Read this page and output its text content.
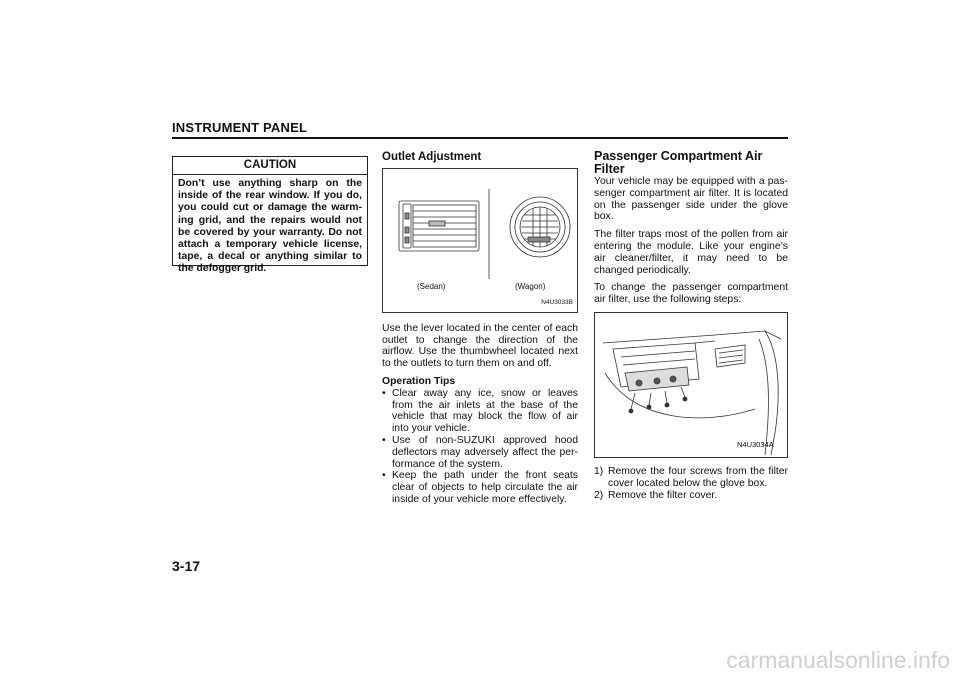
INSTRUMENT PANEL
CAUTION
Don’t use anything sharp on the inside of the rear window. If you do, you could cut or damage the warm-ing grid, and the repairs would not be covered by your warranty. Do not attach a temporary vehicle license, tape, a decal or anything similar to the defogger grid.
Outlet Adjustment
(Sedan)	(Wagon)
N4U3033B

Use the lever located in the center of each outlet to change the direction of the airflow. Use the thumbwheel located next to the outlets to turn them on and off.

Operation Tips
• Clear away any ice, snow or leaves from the air inlets at the base of the vehicle that may block the flow of air into your vehicle.
• Use of non-SUZUKI approved hood deflectors may adversely affect the per-formance of the system.
• Keep the path under the front seats clear of objects to help circulate the air inside of your vehicle more effectively.
Passenger Compartment Air Filter

Your vehicle may be equipped with a pas-senger compartment air filter. It is located on the passenger side under the glove box.

The filter traps most of the pollen from air entering the module. Like your engine’s air cleaner/filter, it may need to be changed periodically.

To change the passenger compartment air filter, use the following steps:

N4U3034A
1) Remove the four screws from the filter cover located below the glove box.
2) Remove the filter cover.
3-17
carmanualsonline.info
